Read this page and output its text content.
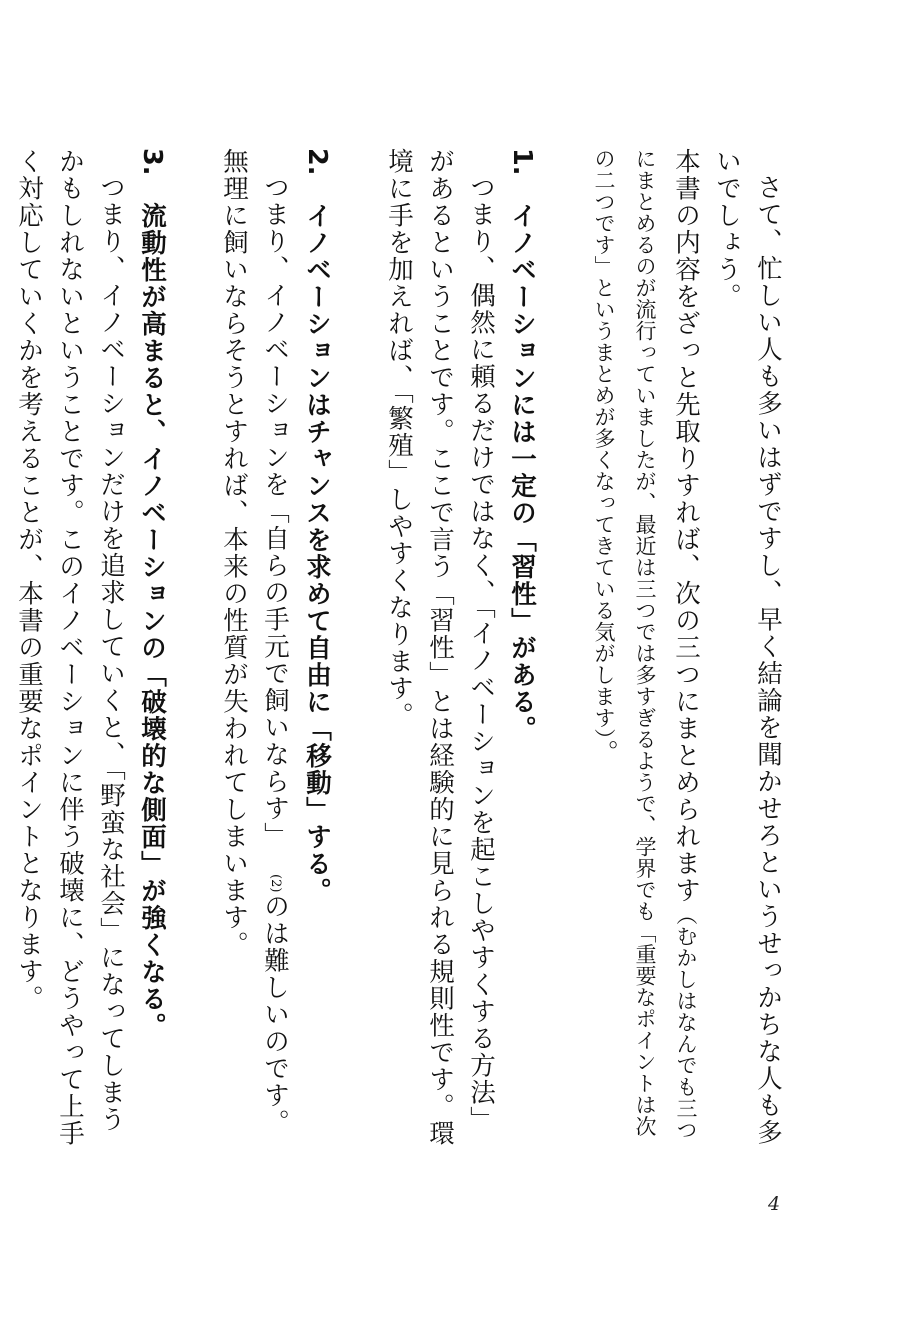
さて、忙しい人も多いはずですし、早く結論を聞かせろというせっかちな人も多いでしょう。

本書の内容をざっと先取りすれば、次の三つにまとめられます（むかしはなんでも三つにまとめるのが流行っていましたが、最近は三つでは多すぎるようで、学界でも「重要なポイントは次の二つです」というまとめが多くなってきている気がします）。

1.　イノベーションには一定の「習性」がある。

つまり、偶然に頼るだけではなく、「イノベーションを起こしやすくする方法」があるということです。ここで言う「習性」とは経験的に見られる規則性です。環境に手を加えれば、「繁殖」しやすくなります。

2.　イノベーションはチャンスを求めて自由に「移動」する。

つまり、イノベーションを「自らの手元で飼いならす」(2)のは難しいのです。無理に飼いならそうとすれば、本来の性質が失われてしまいます。

3.　流動性が高まると、イノベーションの「破壊的な側面」が強くなる。

つまり、イノベーションだけを追求していくと、「野蛮な社会」になってしまうかもしれないということです。このイノベーションに伴う破壊に、どうやって上手く対応していくかを考えることが、本書の重要なポイントとなります。

4
